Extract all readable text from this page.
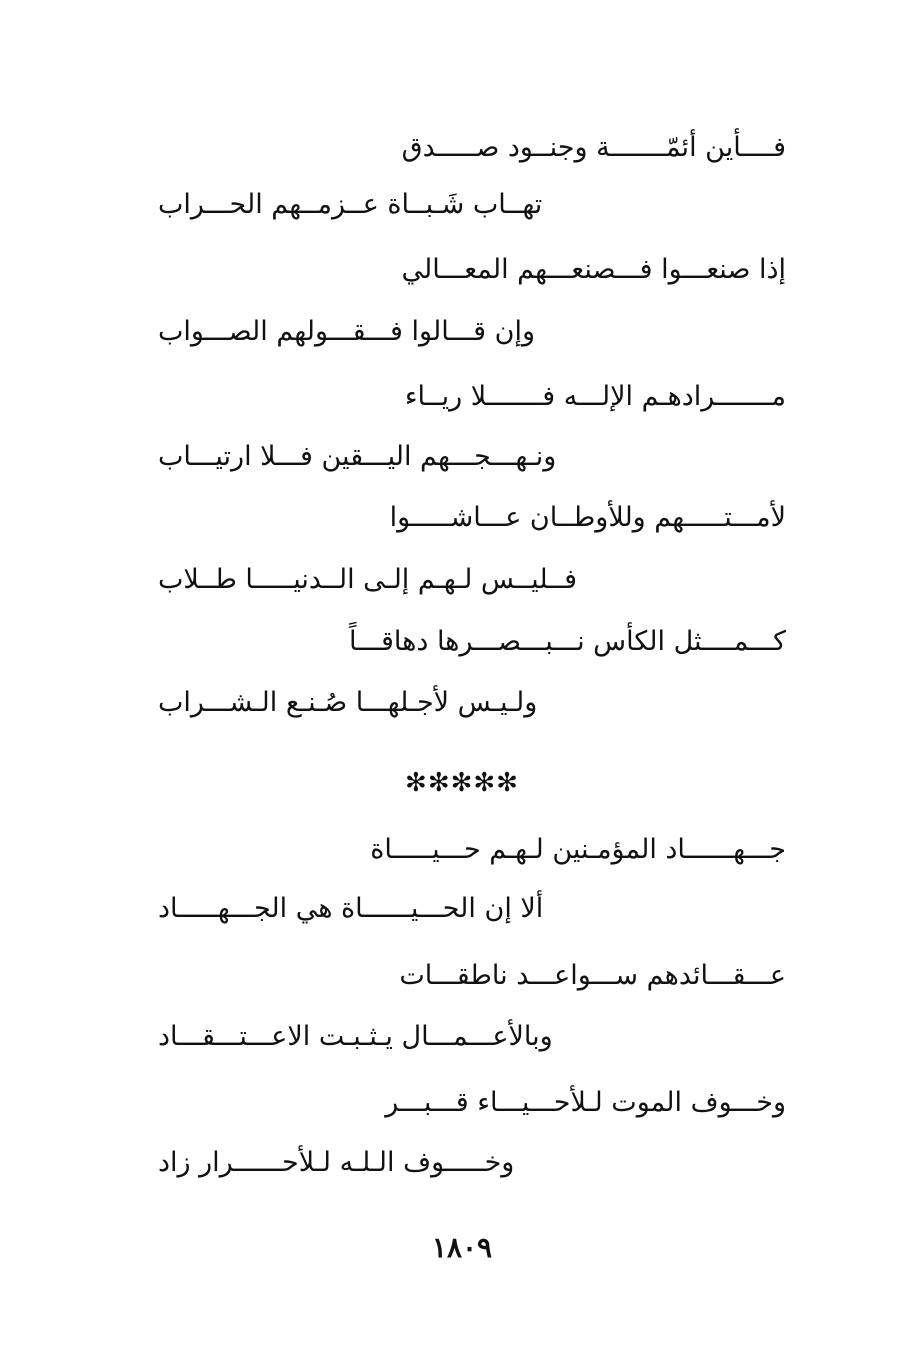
فــــأين أئمّـــــــة وجنــود صـــــدق
تهــاب شَـبــاة عــزمــهم الحـــراب
إذا صنعـــوا فـــصنعـــهم المعـــالي
وإن قـــالوا فـــقـــولهم الصـــواب
مـــــــرادهـم الإلـــه فـــــــلا ريــاء
ونـهـــجـــهم اليـــقين فـــلا ارتيـــاب
لأمـــتـــــهم وللأوطــان عـــاشـــــوا
فــليــس لـهـم إلـى الــدنيـــــا طــلاب
كـــمــــثل الكأس نـــبـــصـــرها دهاقـــاً
ولـيـس لأجـلهـــا صُـنـع الـشـــراب
✻✻✻✻✻
جـــهــــــاد المؤمـنين لـهـم حـــيـــــاة
ألا إن الحـــيــــــاة هي الجـــهـــــاد
عـــقـــائدهم ســـواعـــد ناطقـــات
وبالأعـــمـــال يـثـبـت الاعـــتـــقـــاد
وخـــوف الموت لـلأحـــيـــاء قـــبـــر
وخـــــوف الـلـه لـلأحــــــرار زاد
١٨٠٩
